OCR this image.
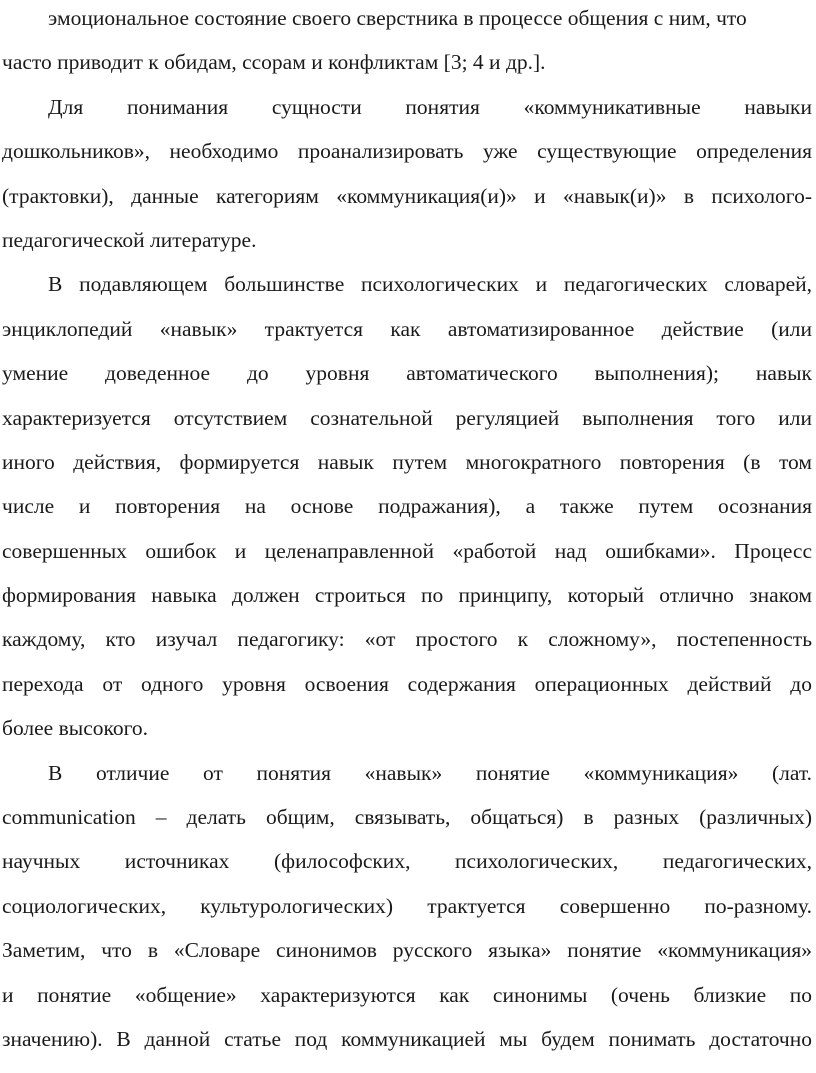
эмоциональное состояние своего сверстника в процессе общения с ним, что
часто приводит к обидам, ссорам и конфликтам [3; 4 и др.].
Для понимания сущности понятия «коммуникативные навыки
дошкольников», необходимо проанализировать уже существующие определения
(трактовки), данные категориям «коммуникация(и)» и «навык(и)» в психолого-
педагогической литературе.
В подавляющем большинстве психологических и педагогических словарей,
энциклопедий «навык» трактуется как автоматизированное действие (или
умение доведенное до уровня автоматического выполнения); навык
характеризуется отсутствием сознательной регуляцией выполнения того или
иного действия, формируется навык путем многократного повторения (в том
числе и повторения на основе подражания), а также путем осознания
совершенных ошибок и целенаправленной «работой над ошибками». Процесс
формирования навыка должен строиться по принципу, который отлично знаком
каждому, кто изучал педагогику: «от простого к сложному», постепенность
перехода от одного уровня освоения содержания операционных действий до
более высокого.
В отличие от понятия «навык» понятие «коммуникация» (лат.
communication – делать общим, связывать, общаться) в разных (различных)
научных источниках (философских, психологических, педагогических,
социологических, культурологических) трактуется совершенно по-разному.
Заметим, что в «Словаре синонимов русского языка» понятие «коммуникация»
и понятие «общение» характеризуются как синонимы (очень близкие по
значению). В данной статье под коммуникацией мы будем понимать достаточно
